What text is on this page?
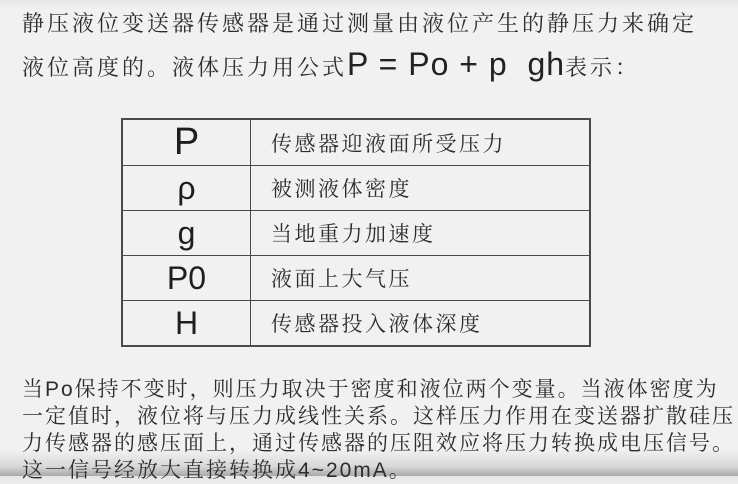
静压液位变送器传感器是通过测量由液位产生的静压力来确定
液位高度的。液体压力用公式 P = Po + p  gh 表示：
P	传感器迎液面所受压力
ρ	被测液体密度
g	当地重力加速度
P0	液面上大气压
H	传感器投入液体深度
当Po保持不变时，则压力取决于密度和液位两个变量。当液体密度为
一定值时，液位将与压力成线性关系。这样压力作用在变送器扩散硅压
力传感器的感压面上，通过传感器的压阻效应将压力转换成电压信号。
这一信号经放大直接转换成4~20mA。
